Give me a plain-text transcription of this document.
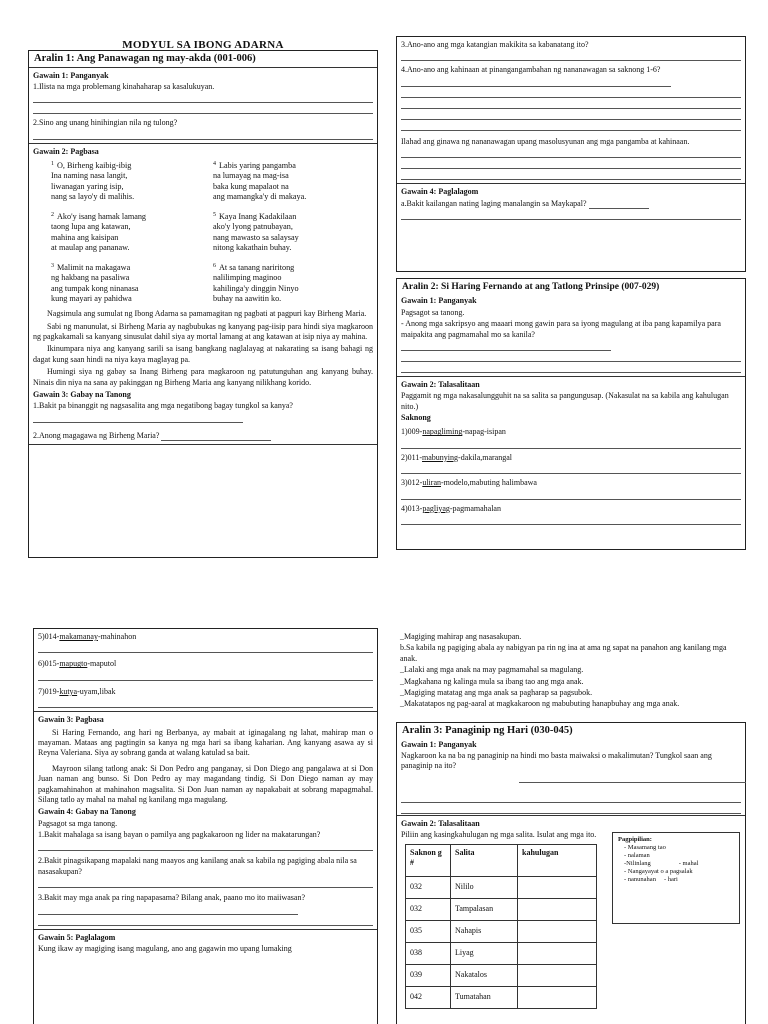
MODYUL SA IBONG ADARNA
Aralin 1: Ang Panawagan ng may-akda (001-006)
Gawain 1: Panganyak
1.Ilista na mga problemang kinahaharap sa kasalukuyan.
2.Sino ang unang hinihingian nila ng tulong?
Gawain 2: Pagbasa
$^1$ O, Birheng kaibig-ibig
Ina naming nasa langit,
liwanagan yaring isip,
nang sa layo'y di malihis.
$^4$ Labis yaring pangamba
na lumayag na mag-isa
baka kung mapalaot na
ang mamangka'y di makaya.
$^2$ Ako'y isang hamak lamang
taong lupa ang katawan,
mahina ang kaisipan
at maulap ang pananaw.
$^5$ Kaya Inang Kadakilaan
ako'y lyong patnubayan,
nang mawasto sa salaysay
nitong kakathain buhay.
$^3$ Malimit na makagawa
ng hakbang na pasaliwa
ang tumpak kong ninanasa
kung mayari ay pahidwa
$^6$ At sa tanang nariritong
nalilimping maginoo
kahilinga'y dinggin Ninyo
buhay na aawitin ko.
Nagsimula ang sumulat ng Ibong Adarna sa pamamagitan ng pagbati at pagpuri kay Birheng Maria.
Sabi ng manunulat, si Birheng Maria ay nagbubukas ng kanyang pag-iisip para hindi siya magkaroon ng pagkakamali sa kanyang sinusulat dahil siya ay mortal lamang at ang katawan at isip niya ay mahina.
Ikinumpara niya ang kanyang sarili sa isang bangkang naglalayag at nakarating sa isang bahagi ng dagat kung saan hindi na niya kaya maglayag pa.
Humingi siya ng gabay sa Inang Birheng para magkaroon ng patutunguhan ang kanyang buhay. Ninais din niya na sana ay pakinggan ng Birheng Maria ang kanyang nilikhang korido.
Gawain 3: Gabay na Tanong
1.Bakit pa binanggit ng nagsasalita ang mga negatibong bagay tungkol sa kanya?
2.Anong magagawa ng Birheng Maria?
3.Ano-ano ang mga katangian makikita sa kabanatang ito?
4.Ano-ano ang kahinaan at pinangangambahan ng nananawagan sa saknong 1-6?
Ilahad ang ginawa ng nananawagan upang masolusyunan ang mga pangamba at kahinaan.
Gawain 4: Paglalagom
a.Bakit kailangan nating laging manalangin sa Maykapal?
Aralin 2: Si Haring Fernando at ang Tatlong Prinsipe (007-029)
Gawain 1: Panganyak
Pagsagot sa tanong.
- Anong mga sakripsyo ang maaari mong gawin para sa iyong magulang at iba pang kapamilya para maipakita ang pagmamahal mo sa kanila?
Gawain 2: Talasalitaan
Paggamit ng mga nakasalungguhit na sa salita sa pangungusap. (Nakasulat na sa kabila ang kahulugan nito.)
Saknong
1)009-napagliming-napag-isipan
2)011-mabunying-dakila,marangal
3)012-uliran-modelo,mabuting halimbawa
4)013-pagliyag-pagmamahalan
5)014-makamanay-mahinahon
6)015-mapugto-maputol
7)019-kutya-uyam,libak
Gawain 3: Pagbasa
Si Haring Fernando, ang hari ng Berbanya, ay mabait at iginagalang ng lahat, mahirap man o mayaman. Mataas ang pagtingin sa kanya ng mga hari sa ibang kaharian. Ang kanyang asawa ay si Reyna Valeriana. Siya ay sobrang ganda at walang katulad sa bait.
Mayroon silang tatlong anak: Si Don Pedro ang panganay, si Don Diego ang pangalawa at si Don Juan naman ang bunso. Si Don Pedro ay may magandang tindig. Si Don Diego naman ay may pagkamahinahon at mahinahon magsalita. Si Don Juan naman ay napakabait at sobrang mapagmahal. Silang tatlo ay mahal na mahal ng kanilang mga magulang.
Gawain 4: Gabay na Tanong
Pagsagot sa mga tanong.
1.Bakit mahalaga sa isang bayan o pamilya ang pagkakaroon ng lider na makatarungan?
2.Bakit pinagsikapang mapalaki nang maayos ang kanilang anak sa kabila ng pagiging abala nila sa nasasakupan?
3.Bakit may mga anak pa ring napapasama? Bilang anak, paano mo ito maiiwasan?
Gawain 5: Paglalagom
Kung ikaw ay magiging isang magulang, ano ang gagawin mo upang lumaking
_Magiging mahirap ang nasasakupan.
b.Sa kabila ng pagiging abala ay nabigyan pa rin ng ina at ama ng sapat na panahon ang kanilang mga anak.
_Lalaki ang mga anak na may pagmamahal sa magulang.
_Magkahana ng kalinga mula sa ibang tao ang mga anak.
_Magiging matatag ang mga anak sa pagharap sa pagsubok.
_Makatatapos ng pag-aaral at magkakaroon ng mabubuting hanapbuhay ang mga anak.
Aralin 3: Panaginip ng Hari (030-045)
Gawain 1: Panganyak
Nagkaroon ka na ba ng panaginip na hindi mo basta maiwaksi o makalimutan? Tungkol saan ang panaginip na ito?
Gawain 2: Talasalitaan
Piliin ang kasingkahulugan ng mga salita. Isulat ang mga ito.
Saknon g #	Salita	kahulugan
032	Nililo	
032	Tampalasan	
035	Nahapis	
038	Liyag	
039	Nakatalos	
042	Tumatahan	
Pagpipilian:
- Masamang tao
- nalaman
-Nilinlang	- mahal
- Nangayayat o a pagsalak
- nanunahan - hari
